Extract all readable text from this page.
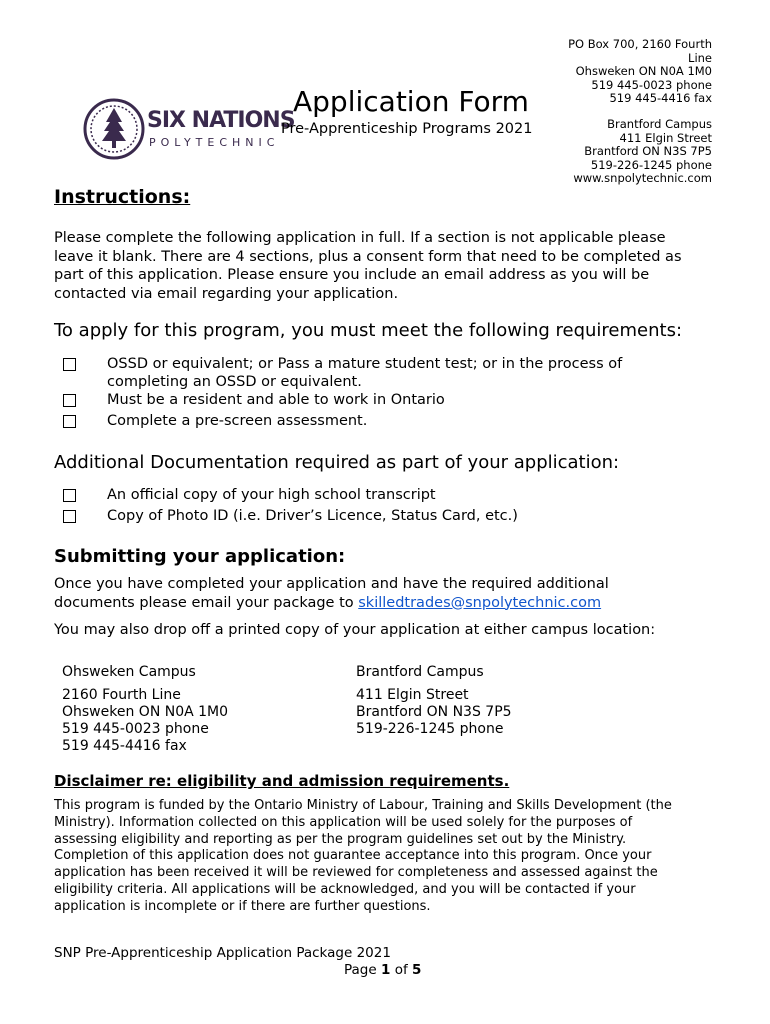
SIX NATIONS
POLYTECHNIC
Application Form
Pre-Apprenticeship Programs 2021
PO Box 700, 2160 Fourth
Line
Ohsweken ON N0A 1M0
519 445-0023 phone
519 445-4416 fax
Brantford Campus
411 Elgin Street
Brantford ON N3S 7P5
519-226-1245 phone
www.snpolytechnic.com
Instructions:
Please complete the following application in full. If a section is not applicable please leave it blank. There are 4 sections, plus a consent form that need to be completed as part of this application. Please ensure you include an email address as you will be contacted via email regarding your application.
To apply for this program, you must meet the following requirements:
OSSD or equivalent; or Pass a mature student test; or in the process of completing an OSSD or equivalent.
Must be a resident and able to work in Ontario
Complete a pre-screen assessment.
Additional Documentation required as part of your application:
An official copy of your high school transcript
Copy of Photo ID (i.e. Driver’s Licence, Status Card, etc.)
Submitting your application:
Once you have completed your application and have the required additional documents please email your package to skilledtrades@snpolytechnic.com
You may also drop off a printed copy of your application at either campus location:
Ohsweken Campus	Brantford Campus
2160 Fourth Line
Ohsweken ON N0A 1M0
519 445-0023 phone
519 445-4416 fax
411 Elgin Street
Brantford ON N3S 7P5
519-226-1245 phone
Disclaimer re: eligibility and admission requirements.
This program is funded by the Ontario Ministry of Labour, Training and Skills Development (the Ministry). Information collected on this application will be used solely for the purposes of assessing eligibility and reporting as per the program guidelines set out by the Ministry. Completion of this application does not guarantee acceptance into this program. Once your application has been received it will be reviewed for completeness and assessed against the eligibility criteria. All applications will be acknowledged, and you will be contacted if your application is incomplete or if there are further questions.
SNP Pre-Apprenticeship Application Package 2021
Page 1 of 5
